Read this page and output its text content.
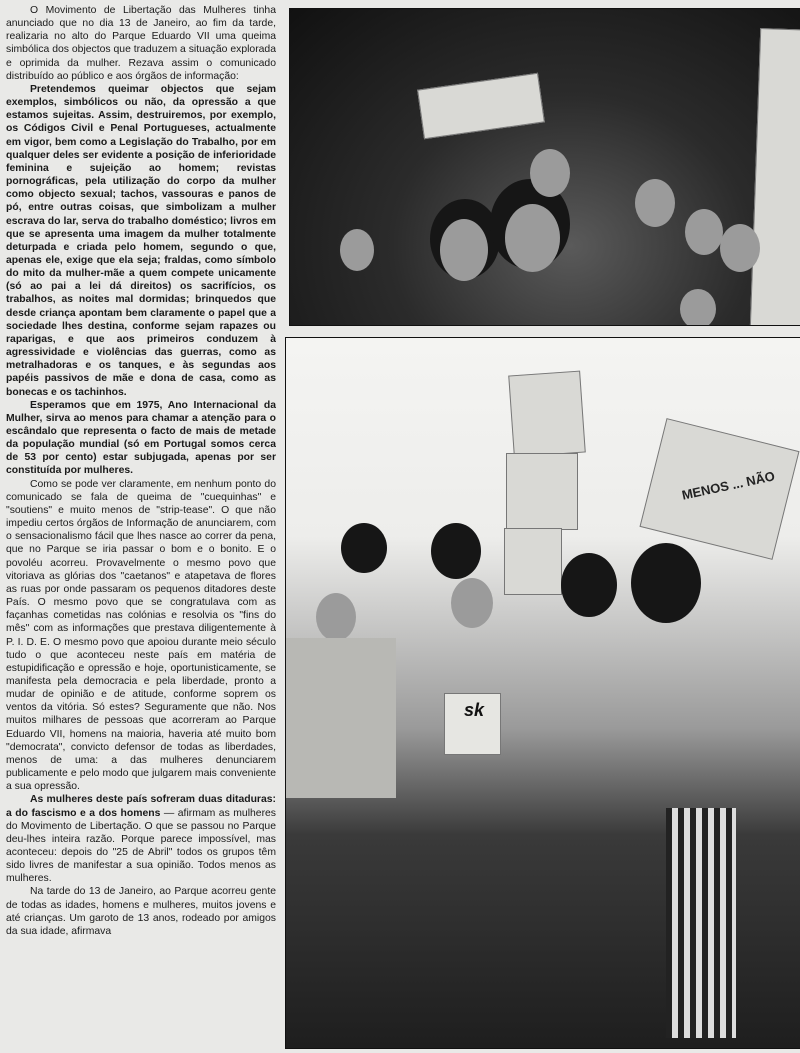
O Movimento de Libertação das Mulheres tinha anunciado que no dia 13 de Janeiro, ao fim da tarde, realizaria no alto do Parque Eduardo VII uma queima simbólica dos objectos que traduzem a situação explorada e oprimida da mulher. Rezava assim o comunicado distribuído ao público e aos órgãos de informação:

Pretendemos queimar objectos que sejam exemplos, simbólicos ou não, da opressão a que estamos sujeitas. Assim, destruiremos, por exemplo, os Códigos Civil e Penal Portugueses, actualmente em vigor, bem como a Legislação do Trabalho, por em qualquer deles ser evidente a posição de inferioridade feminina e sujeição ao homem; revistas pornográficas, pela utilização do corpo da mulher como objecto sexual; tachos, vassouras e panos de pó, entre outras coisas, que simbolizam a mulher escrava do lar, serva do trabalho doméstico; livros em que se apresenta uma imagem da mulher totalmente deturpada e criada pelo homem, segundo o que, apenas ele, exige que ela seja; fraldas, como símbolo do mito da mulher-mãe a quem compete unicamente (só ao pai a lei dá direitos) os sacrifícios, os trabalhos, as noites mal dormidas; brinquedos que desde criança apontam bem claramente o papel que a sociedade lhes destina, conforme sejam rapazes ou raparigas, e que aos primeiros conduzem à agressividade e violências das guerras, como as metralhadoras e os tanques, e às segundas aos papéis passivos de mãe e dona de casa, como as bonecas e os tachinhos.

Esperamos que em 1975, Ano Internacional da Mulher, sirva ao menos para chamar a atenção para o escândalo que representa o facto de mais de metade da população mundial (só em Portugal somos cerca de 53 por cento) estar subjugada, apenas por ser constituída por mulheres.

Como se pode ver claramente, em nenhum ponto do comunicado se fala de queima de "cuequinhas" e "soutiens" e muito menos de "strip-tease". O que não impediu certos órgãos de Informação de anunciarem, com o sensacionalismo fácil que lhes nasce ao correr da pena, que no Parque se iria passar o bom e o bonito. E o povoléu acorreu. Provavelmente o mesmo povo que vitoriava as glórias dos "caetanos" e atapetava de flores as ruas por onde passaram os pequenos ditadores deste País. O mesmo povo que se congratulava com as façanhas cometidas nas colónias e resolvia os "fins do mês" com as informações que prestava diligentemente à P. I. D. E. O mesmo povo que apoiou durante meio século tudo o que aconteceu neste país em matéria de estupidificação e opressão e hoje, oportunisticamente, se manifesta pela democracia e pela liberdade, pronto a mudar de opinião e de atitude, conforme soprem os ventos da vitória. Só estes? Seguramente que não. Nos muitos milhares de pessoas que acorreram ao Parque Eduardo VII, homens na maioria, haveria até muito bom "democrata", convicto defensor de todas as liberdades, menos de uma: a das mulheres denunciarem publicamente e pelo modo que julgarem mais conveniente a sua opressão.

As mulheres deste país sofreram duas ditaduras: a do fascismo e a dos homens — afirmam as mulheres do Movimento de Libertação. O que se passou no Parque deu-lhes inteira razão. Porque parece impossível, mas aconteceu: depois do "25 de Abril" todos os grupos têm sido livres de manifestar a sua opinião. Todos menos as mulheres.

Na tarde do 13 de Janeiro, ao Parque acorreu gente de todas as idades, homens e mulheres, muitos jovens e até crianças. Um garoto de 13 anos, rodeado por amigos da sua idade, afirmava

MENOS ... NÃO
sk
